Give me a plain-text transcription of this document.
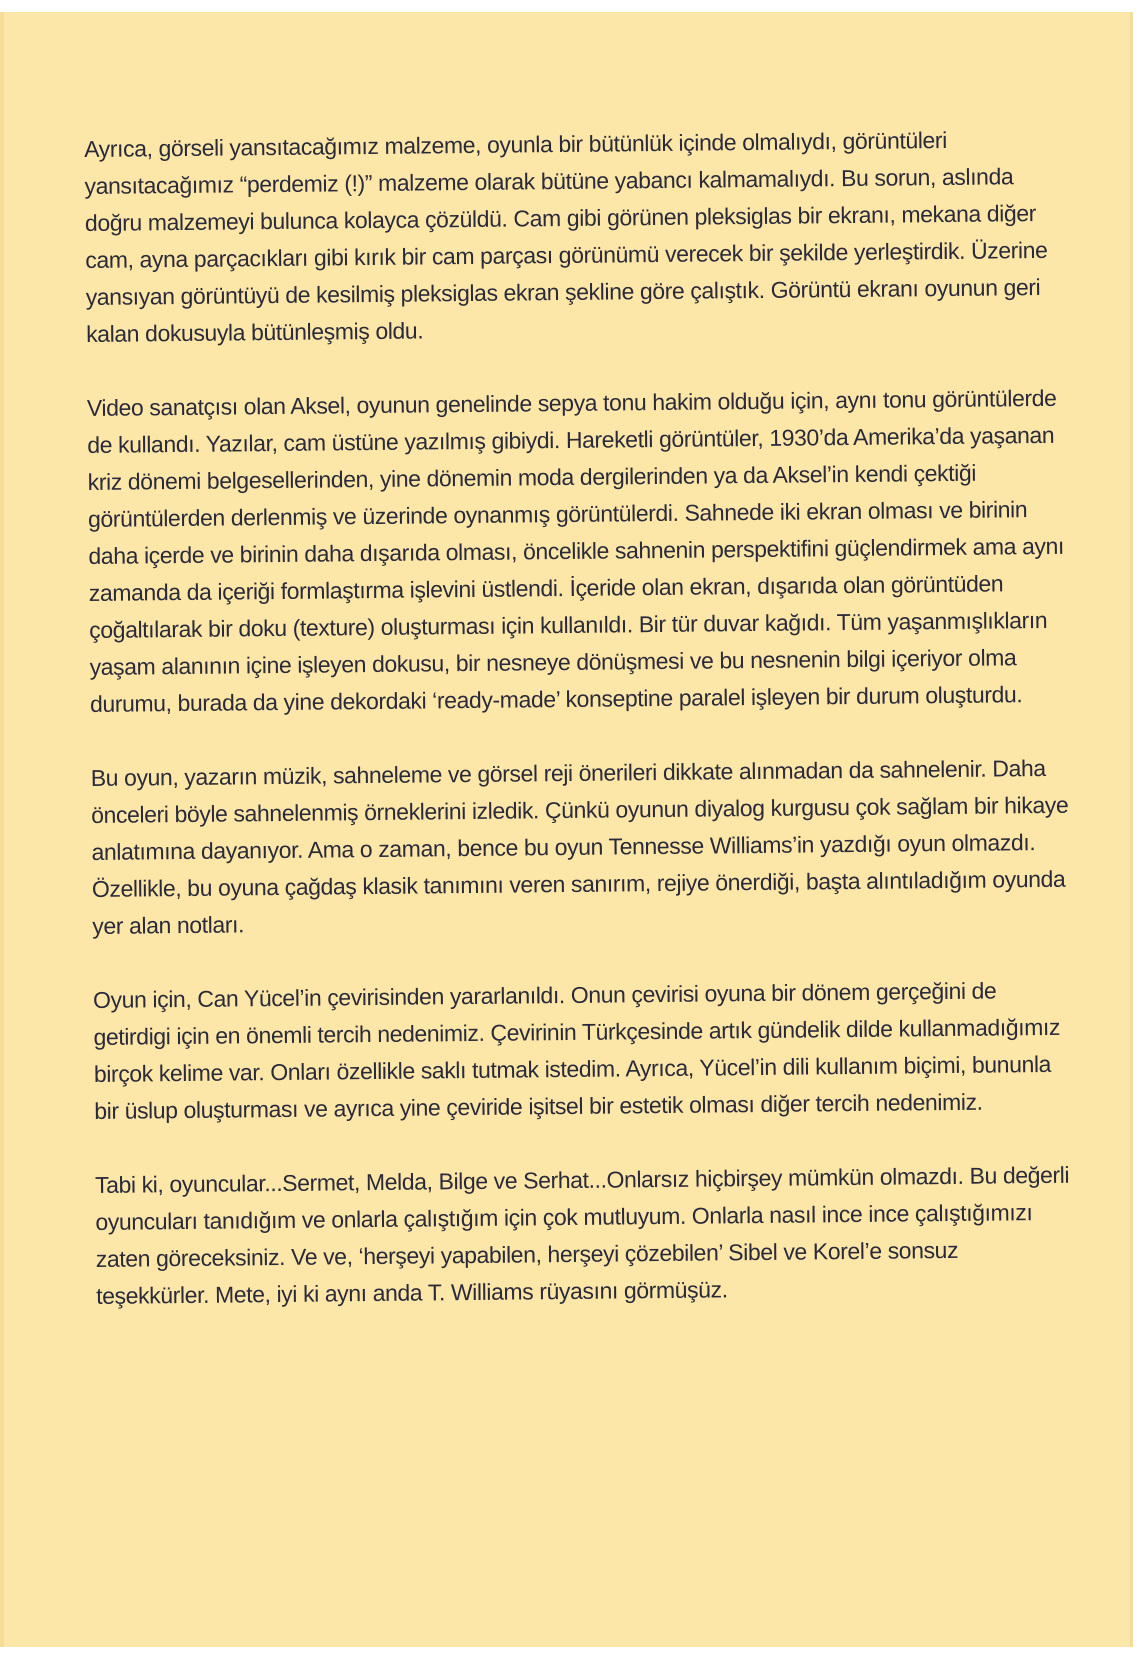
Ayrıca, görseli yansıtacağımız malzeme, oyunla bir bütünlük içinde olmalıydı, görüntüleri yansıtacağımız “perdemiz (!)” malzeme olarak bütüne yabancı kalmamalıydı. Bu sorun, aslında doğru malzemeyi bulunca kolayca çözüldü. Cam gibi görünen pleksiglas bir ekranı, mekana diğer cam, ayna parçacıkları gibi kırık bir cam parçası görünümü verecek bir şekilde yerleştirdik. Üzerine yansıyan görüntüyü de kesilmiş pleksiglas ekran şekline göre çalıştık. Görüntü ekranı oyunun geri kalan dokusuyla bütünleşmiş oldu.

Video sanatçısı olan Aksel, oyunun genelinde sepya tonu hakim olduğu için, aynı tonu görüntülerde de kullandı. Yazılar, cam üstüne yazılmış gibiydi. Hareketli görüntüler, 1930’da Amerika’da yaşanan kriz dönemi belgesellerinden, yine dönemin moda dergilerinden ya da Aksel’in kendi çektiği görüntülerden derlenmiş ve üzerinde oynanmış görüntülerdi. Sahnede iki ekran olması ve birinin daha içerde ve birinin daha dışarıda olması, öncelikle sahnenin perspektifini güçlendirmek ama aynı zamanda da içeriği formlaştırma işlevini üstlendi. İçeride olan ekran, dışarıda olan görüntüden çoğaltılarak bir doku (texture) oluşturması için kullanıldı. Bir tür duvar kağıdı. Tüm yaşanmışlıkların yaşam alanının içine işleyen dokusu, bir nesneye dönüşmesi ve bu nesnenin bilgi içeriyor olma durumu, burada da yine dekordaki ‘ready-made’ konseptine paralel işleyen bir durum oluşturdu.

Bu oyun, yazarın müzik, sahneleme ve görsel reji önerileri dikkate alınmadan da sahnelenir. Daha önceleri böyle sahnelenmiş örneklerini izledik. Çünkü oyunun diyalog kurgusu çok sağlam bir hikaye anlatımına dayanıyor. Ama o zaman, bence bu oyun Tennesse Williams’in yazdığı oyun olmazdı. Özellikle, bu oyuna çağdaş klasik tanımını veren sanırım, rejiye önerdiği, başta alıntıladığım oyunda yer alan notları.

Oyun için, Can Yücel’in çevirisinden yararlanıldı. Onun çevirisi oyuna bir dönem gerçeğini de getirdigi için en önemli tercih nedenimiz. Çevirinin Türkçesinde artık gündelik dilde kullanmadığımız birçok kelime var. Onları özellikle saklı tutmak istedim. Ayrıca, Yücel’in dili kullanım biçimi, bununla bir üslup oluşturması ve ayrıca yine çeviride işitsel bir estetik olması diğer tercih nedenimiz.

Tabi ki, oyuncular...Sermet, Melda, Bilge ve Serhat...Onlarsız hiçbirşey mümkün olmazdı. Bu değerli oyuncuları tanıdığım ve onlarla çalıştığım için çok mutluyum. Onlarla nasıl ince ince çalıştığımızı zaten göreceksiniz. Ve ve, ‘herşeyi yapabilen, herşeyi çözebilen’ Sibel ve Korel’e sonsuz teşekkürler. Mete, iyi ki aynı anda T. Williams rüyasını görmüşüz.
